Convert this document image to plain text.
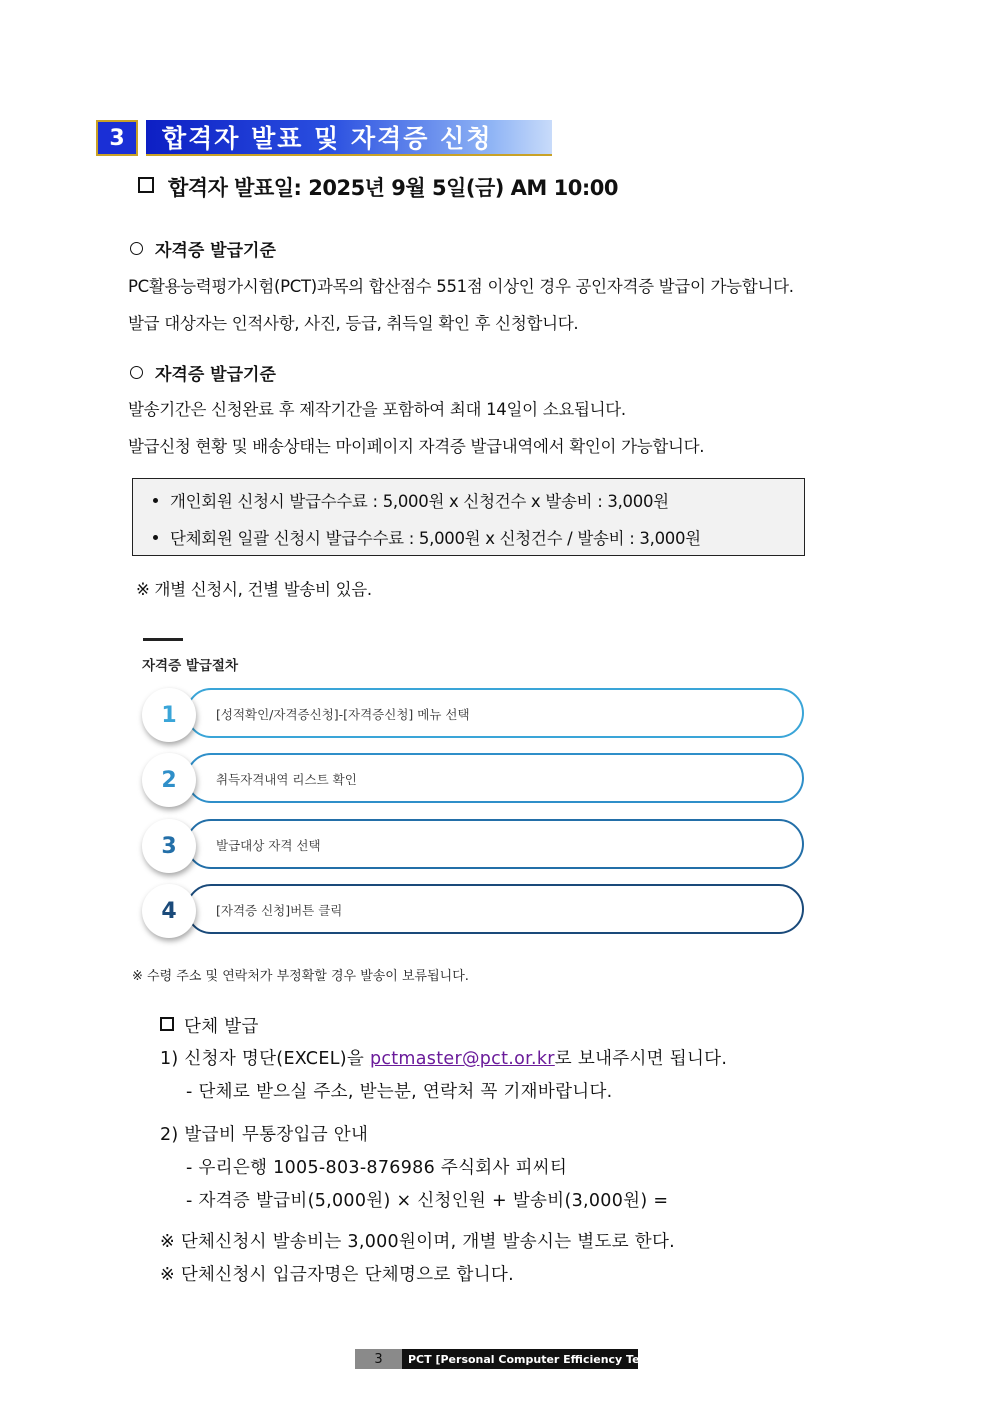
3	합격자 발표 및 자격증 신청
합격자 발표일: 2025년 9월 5일(금) AM 10:00
자격증 발급기준
PC활용능력평가시험(PCT)과목의 합산점수 551점 이상인 경우 공인자격증 발급이 가능합니다.
발급 대상자는 인적사항, 사진, 등급, 취득일 확인 후 신청합니다.
자격증 발급기준
발송기간은 신청완료 후 제작기간을 포함하여 최대 14일이 소요됩니다.
발급신청 현황 및 배송상태는 마이페이지 자격증 발급내역에서 확인이 가능합니다.
개인회원 신청시 발급수수료 : 5,000원 x 신청건수 x 발송비 : 3,000원
단체회원 일괄 신청시 발급수수료 : 5,000원 x 신청건수 / 발송비 : 3,000원
※ 개별 신청시, 건별 발송비 있음.
자격증 발급절차
1	[성적확인/자격증신청]-[자격증신청] 메뉴 선택
2	취득자격내역 리스트 확인
3	발급대상 자격 선택
4	[자격증 신청]버튼 클릭
※ 수령 주소 및 연락처가 부정확할 경우 발송이 보류됩니다.
단체 발급
1) 신청자 명단(EXCEL)을 pctmaster@pct.or.kr로 보내주시면 됩니다.
- 단체로 받으실 주소, 받는분, 연락처 꼭 기재바랍니다.
2) 발급비 무통장입금 안내
- 우리은행 1005-803-876986 주식회사 피씨티
- 자격증 발급비(5,000원) × 신청인원 + 발송비(3,000원) =
※ 단체신청시 발송비는 3,000원이며, 개별 발송시는 별도로 한다.
※ 단체신청시 입금자명은 단체명으로 합니다.
3	PCT [Personal Computer Efficiency Test]
